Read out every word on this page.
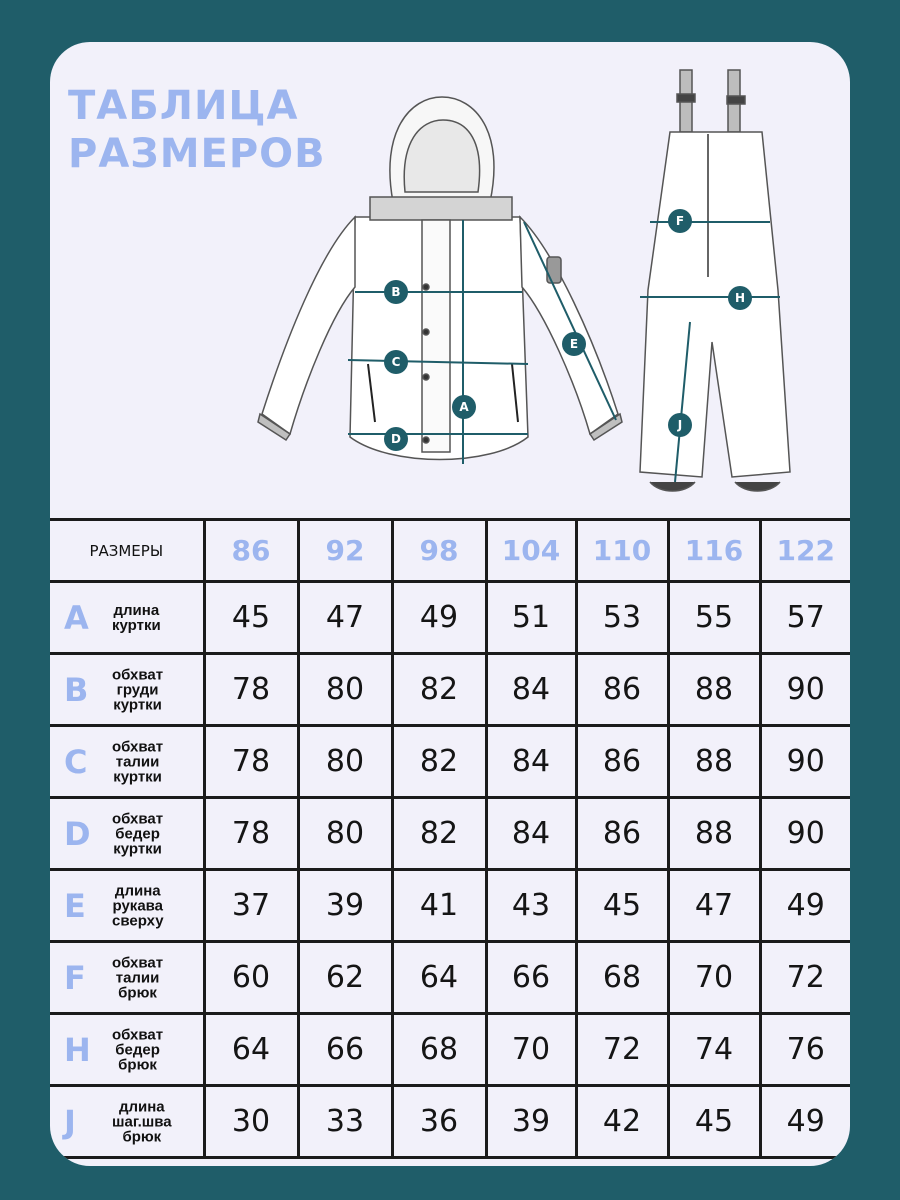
ТАБЛИЦА
РАЗМЕРОВ
B
C
A
D
E
F
H
J
РАЗМЕРЫ	86	92	98	104	110	116	122

A длина
куртки	45	47	49	51	53	55	57

B обхват
груди
куртки	78	80	82	84	86	88	90

C обхват
талии
куртки	78	80	82	84	86	88	90

D обхват
бедер
куртки	78	80	82	84	86	88	90

E длина
рукава
сверху	37	39	41	43	45	47	49

F обхват
талии
брюк	60	62	64	66	68	70	72

H обхват
бедер
брюк	64	66	68	70	72	74	76

J длина
шаг.шва
брюк	30	33	36	39	42	45	49
